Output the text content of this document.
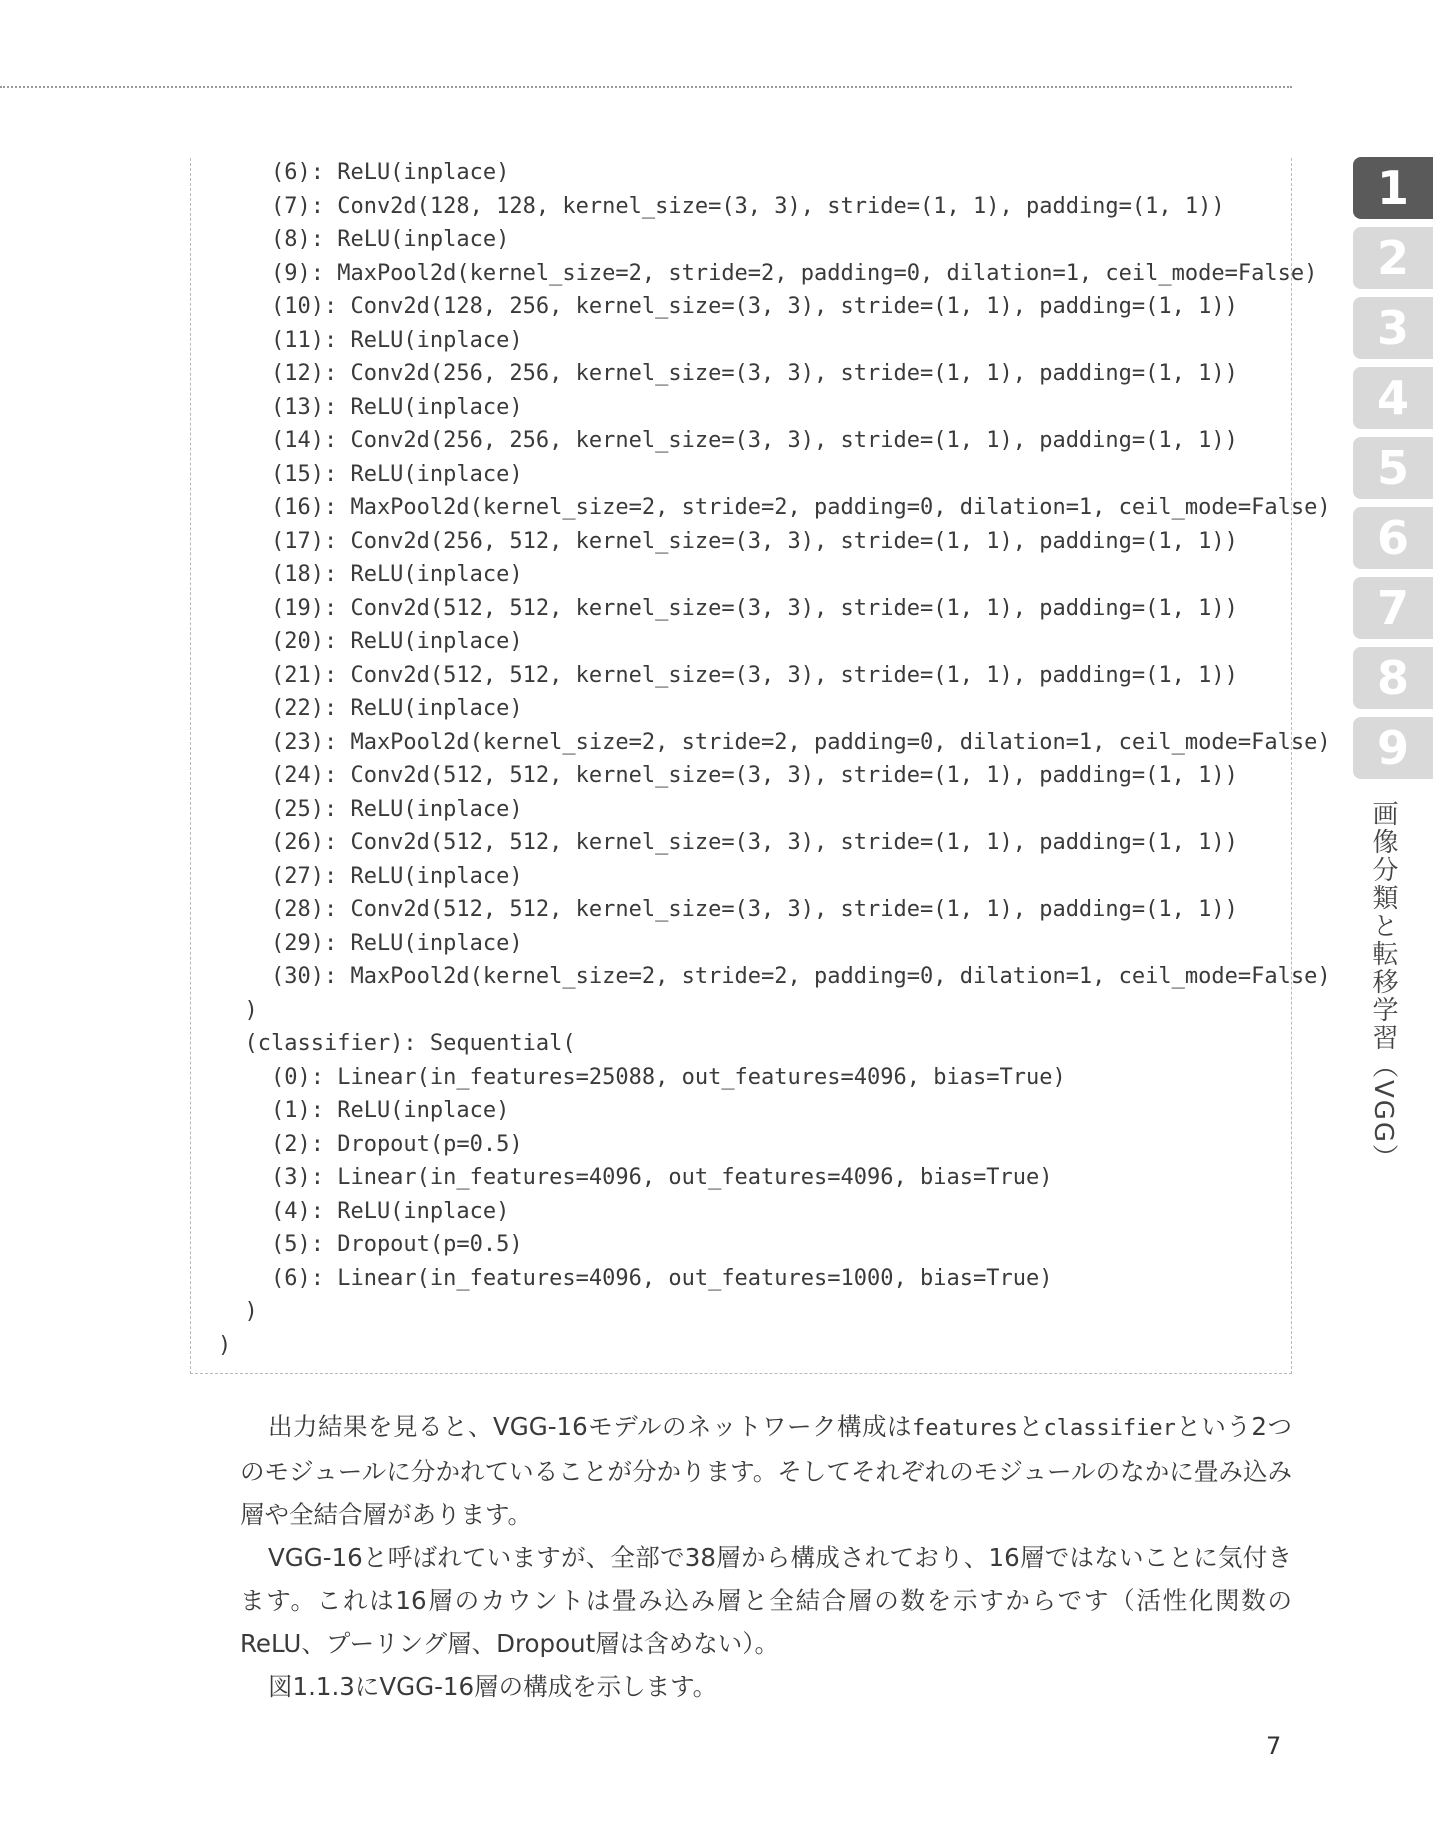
(6): ReLU(inplace)
(7): Conv2d(128, 128, kernel_size=(3, 3), stride=(1, 1), padding=(1, 1))
(8): ReLU(inplace)
(9): MaxPool2d(kernel_size=2, stride=2, padding=0, dilation=1, ceil_mode=False)
(10): Conv2d(128, 256, kernel_size=(3, 3), stride=(1, 1), padding=(1, 1))
(11): ReLU(inplace)
(12): Conv2d(256, 256, kernel_size=(3, 3), stride=(1, 1), padding=(1, 1))
(13): ReLU(inplace)
(14): Conv2d(256, 256, kernel_size=(3, 3), stride=(1, 1), padding=(1, 1))
(15): ReLU(inplace)
(16): MaxPool2d(kernel_size=2, stride=2, padding=0, dilation=1, ceil_mode=False)
(17): Conv2d(256, 512, kernel_size=(3, 3), stride=(1, 1), padding=(1, 1))
(18): ReLU(inplace)
(19): Conv2d(512, 512, kernel_size=(3, 3), stride=(1, 1), padding=(1, 1))
(20): ReLU(inplace)
(21): Conv2d(512, 512, kernel_size=(3, 3), stride=(1, 1), padding=(1, 1))
(22): ReLU(inplace)
(23): MaxPool2d(kernel_size=2, stride=2, padding=0, dilation=1, ceil_mode=False)
(24): Conv2d(512, 512, kernel_size=(3, 3), stride=(1, 1), padding=(1, 1))
(25): ReLU(inplace)
(26): Conv2d(512, 512, kernel_size=(3, 3), stride=(1, 1), padding=(1, 1))
(27): ReLU(inplace)
(28): Conv2d(512, 512, kernel_size=(3, 3), stride=(1, 1), padding=(1, 1))
(29): ReLU(inplace)
(30): MaxPool2d(kernel_size=2, stride=2, padding=0, dilation=1, ceil_mode=False)
)
(classifier): Sequential(
(0): Linear(in_features=25088, out_features=4096, bias=True)
(1): ReLU(inplace)
(2): Dropout(p=0.5)
(3): Linear(in_features=4096, out_features=4096, bias=True)
(4): ReLU(inplace)
(5): Dropout(p=0.5)
(6): Linear(in_features=4096, out_features=1000, bias=True)
)
)

出力結果を見ると、VGG-16モデルのネットワーク構成はfeaturesとclassifierという2つのモジュールに分かれていることが分かります。そしてそれぞれのモジュールのなかに畳み込み層や全結合層があります。

VGG-16と呼ばれていますが、全部で38層から構成されており、16層ではないことに気付きます。これは16層のカウントは畳み込み層と全結合層の数を示すからです（活性化関数のReLU、プーリング層、Dropout層は含めない）。

図1.1.3にVGG-16層の構成を示します。

7
1
2
3
4
5
6
7
8
9
画像分類と転移学習（VGG）
